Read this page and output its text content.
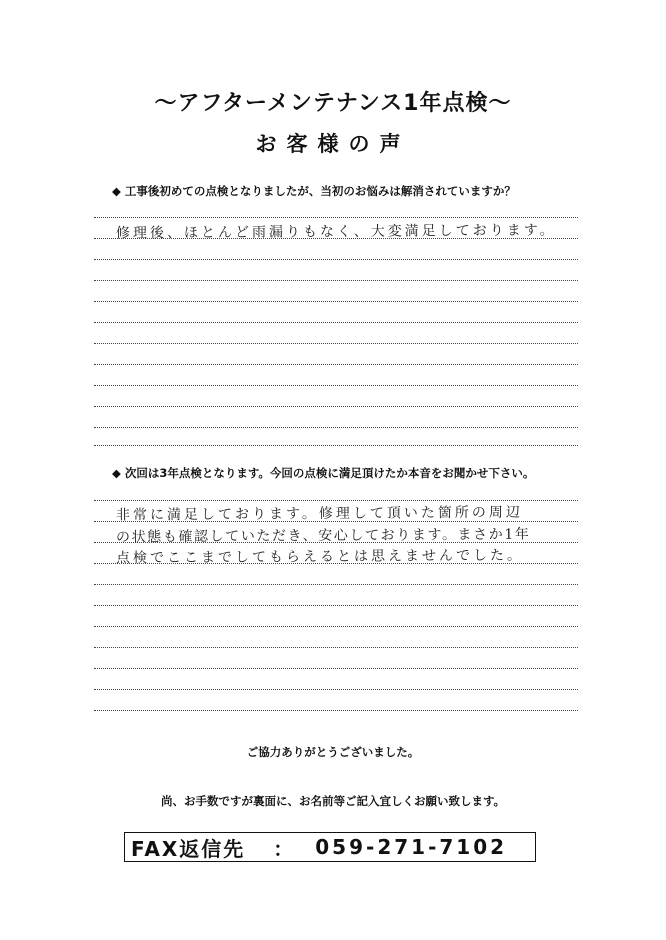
〜アフターメンテナンス1年点検〜
お客様の声
◆ 工事後初めての点検となりましたが、当初のお悩みは解消されていますか？
修理後、ほとんど雨漏りもなく、大変満足しております。
◆ 次回は3年点検となります。今回の点検に満足頂けたか本音をお聞かせ下さい。
非常に満足しております。修理して頂いた箇所の周辺
の状態も確認していただき、安心しております。まさか1年
点検でここまでしてもらえるとは思えませんでした。
ご協力ありがとうございました。
尚、お手数ですが裏面に、お名前等ご記入宜しくお願い致します。
FAX返信先 ： 059-271-7102
